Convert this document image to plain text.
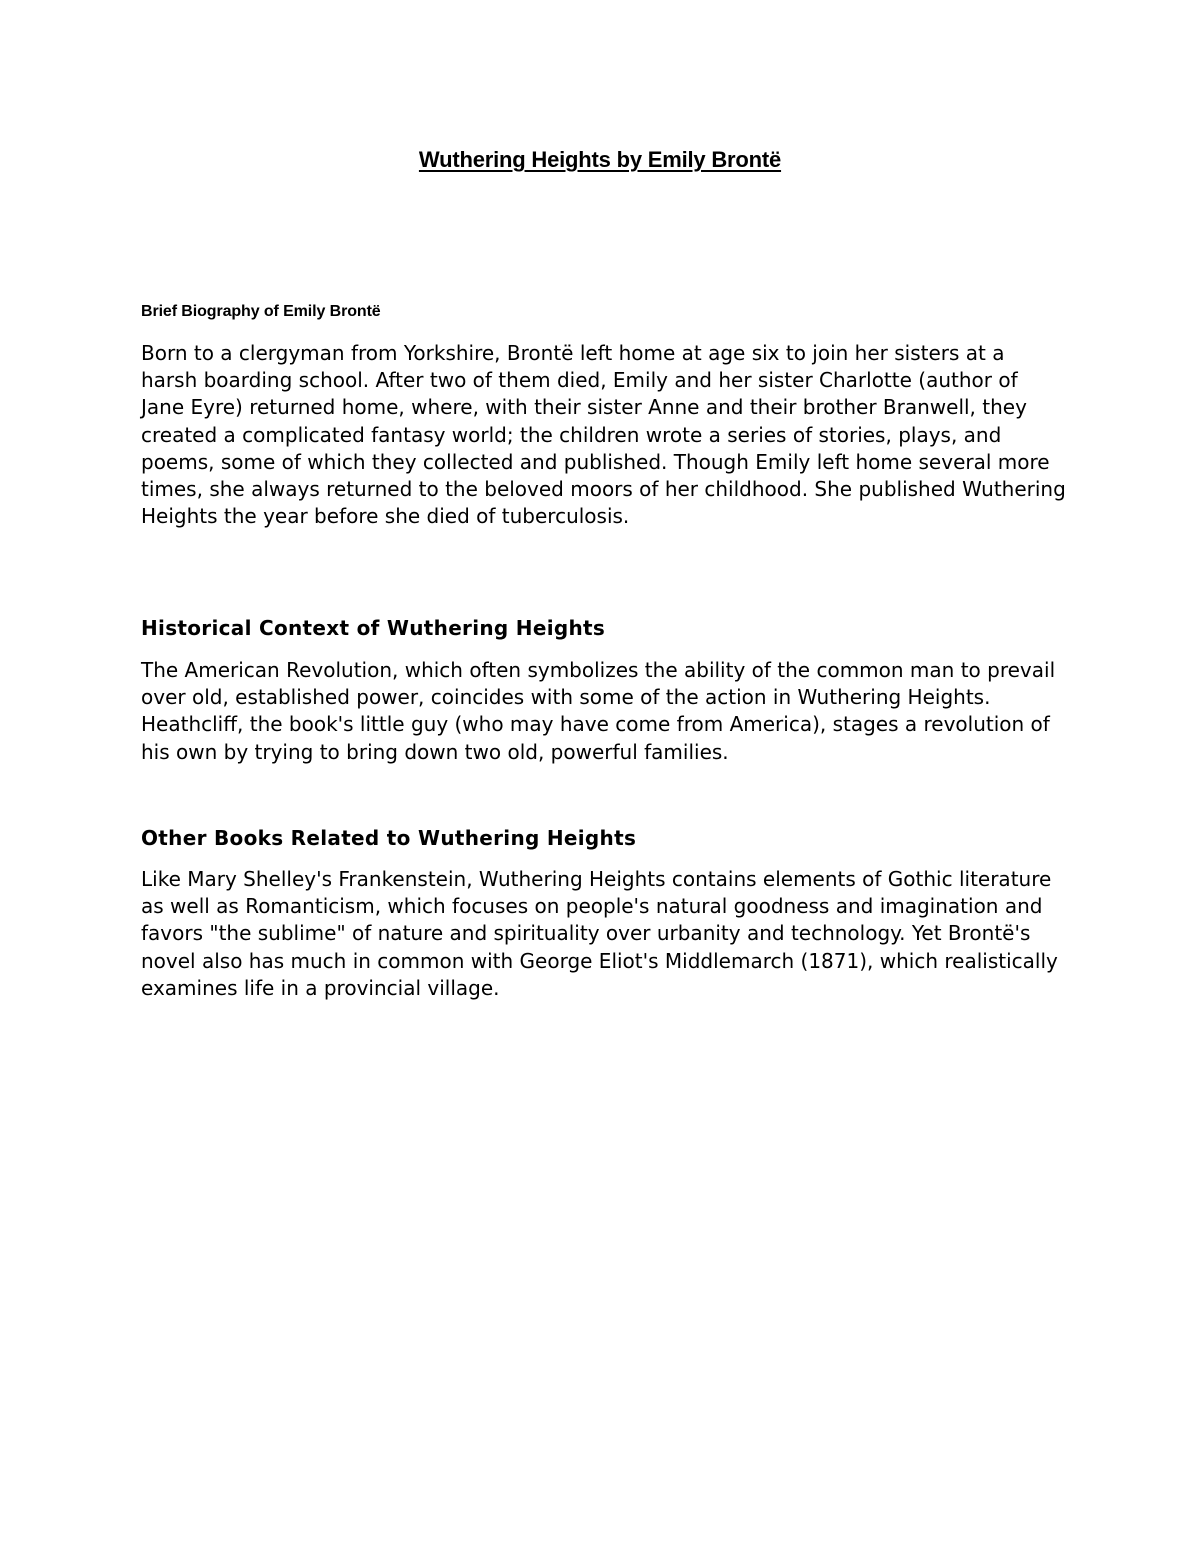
Wuthering Heights by Emily Brontë
Brief Biography of Emily Brontë

Born to a clergyman from Yorkshire, Brontë left home at age six to join her sisters at a harsh boarding school. After two of them died, Emily and her sister Charlotte (author of Jane Eyre) returned home, where, with their sister Anne and their brother Branwell, they created a complicated fantasy world; the children wrote a series of stories, plays, and poems, some of which they collected and published. Though Emily left home several more times, she always returned to the beloved moors of her childhood. She published Wuthering Heights the year before she died of tuberculosis.

Historical Context of Wuthering Heights

The American Revolution, which often symbolizes the ability of the common man to prevail over old, established power, coincides with some of the action in Wuthering Heights. Heathcliff, the book's little guy (who may have come from America), stages a revolution of his own by trying to bring down two old, powerful families.

Other Books Related to Wuthering Heights

Like Mary Shelley's Frankenstein, Wuthering Heights contains elements of Gothic literature as well as Romanticism, which focuses on people's natural goodness and imagination and favors "the sublime" of nature and spirituality over urbanity and technology. Yet Brontë's novel also has much in common with George Eliot's Middlemarch (1871), which realistically examines life in a provincial village.
